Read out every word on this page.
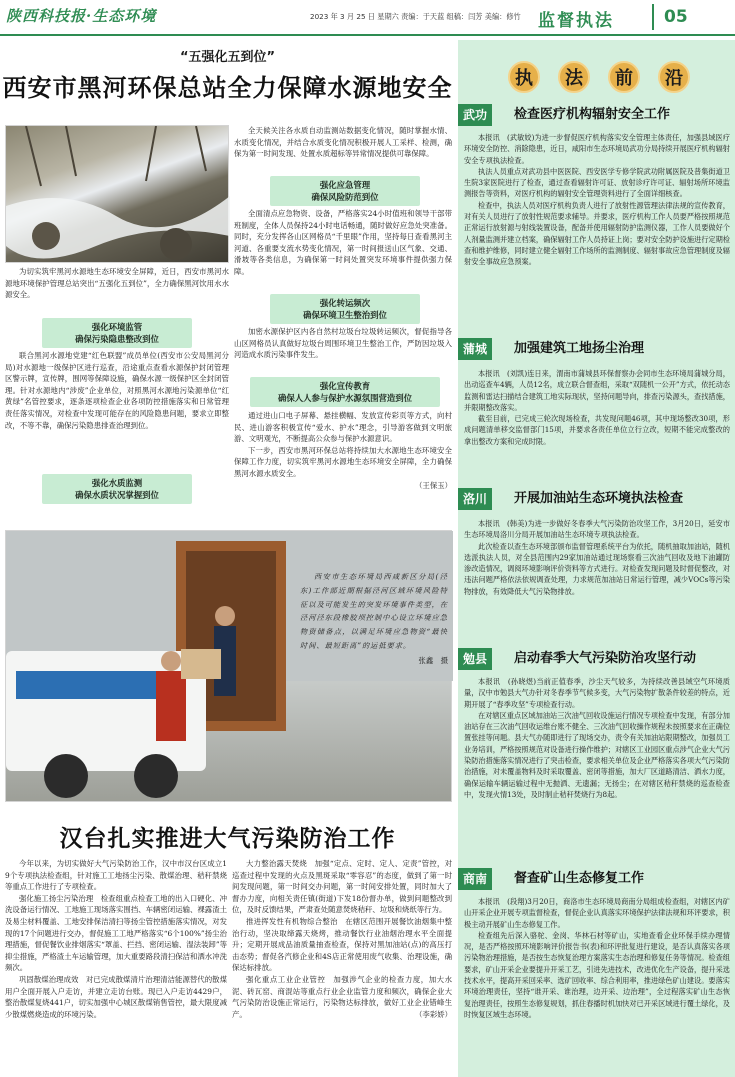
陕西科技报·生态环境	2023 年 3 月 25 日 星期六 责编：于天蓝 组稿：闫芳 美编：修竹 监督执法	05
“五强化五到位”
西安市黑河环保总站全力保障水源地安全

为切实筑牢黑河水源地生态环境安全屏障，近日，西安市黑河水源地环境保护管理总站突出“五强化五到位”，全力确保黑河饮用水水源安全。

强化环境监管
确保污染隐患整改到位

联合黑河水源地党建“红色联盟”成员单位(西安市公安局黑河分局)对水源地一级保护区进行巡查，沿途重点查看水源保护封闭管理区警示牌，宣传牌，围网等保障设施，确保水源一级保护区全封闭管理。针对水源地内“涉废”企业单位，对照黑河水源地污染源单位“红黄绿”名管控要求，逐条逐项检查企业各项防控措施落实和日常管理责任落实情况，对检查中发现可能存在的风险隐患问题，要求立即整改，不等不靠，确保污染隐患排查治理到位。

强化水质监测
确保水质状况掌握到位

全天候关注各水质自动监测站数据变化情况，随时掌握水情、水质变化情况，并结合水质变化情况积极开展人工采样、检测，确保为第一时间发现、处置水质超标等异常情况提供可靠保障。

强化应急管理
确保风险防范到位

全面清点应急物资、设备，严格落实24小时值班和领导干部带班制度，全体人员保持24小时电话畅通，随时做好应急处突准备。同时，充分发挥各山区网格员“千里眼”作用，坚持每日查看黑河主河道、各重要支流水势变化情况，第一时间报送山区气象、交通、滑坡等各类信息，为确保第一时间处置突发环境事件提供强力保障。

强化转运频次
确保环境卫生整治到位

加密水源保护区内各自然村垃圾台垃圾转运频次，督促指导各山区网格员认真做好垃圾台周围环境卫生整治工作，严防因垃圾入河造成水质污染事件发生。

强化宣传教育
确保人人参与保护水源氛围营造到位

通过进山口电子屏幕、悬挂横幅、发放宣传彩页等方式，向村民、进山游客积极宣传“爱水、护水”理念，引导游客做到文明旅游、文明观光，不断提高公众参与保护水源意识。

下一步，西安市黑河环保总站将持续加大水源地生态环境安全保障工作力度，切实筑牢黑河水源地生态环境安全屏障，全力确保黑河水源水质安全。

（王保玉）

西安市生态环境局西咸新区分局(泾东)工作部近期根据泾河区域环境风险特征以及可能发生的突发环境事件类型，在泾河泾东段橡胶坝控制中心设立环境应急物资储备点，以满足环境应急物资“最快时间、最短距离”的运抵要求。

张鑫　摄
汉台扎实推进大气污染防治工作

今年以来，为切实做好大气污染防治工作，汉中市汉台区成立19个专项执法检查组，针对施工工地扬尘污染、散煤治理、秸秆禁烧等重点工作进行了专项检查。

强化施工扬尘污染治理　检查组重点检查工地的出入口硬化、冲洗设备运行情况、工地施工现场落实围挡、车辆密闭运输、裸露渣土及易尘材料覆盖、工地安排保洁清扫等扬尘管控措施落实情况，对发现的17个问题进行交办，督促施工工地严格落实“6个100%”扬尘治理措施，督促餐饮业排烟落实“罩盖、拦挡、密闭运输、湿法装卸”等抑尘措施，严格渣土车运输管理，加大重要路段清扫保洁和洒水冲洗频次。

巩固散煤治理成效　对已完成散煤清片治理清洁能源替代的散煤用户全面开展入户走访，并建立走访台账。现已入户走访4429户，整治散煤复烧441户，切实加强中心城区散煤销售管控，最大限度减少散煤燃烧造成的环境污染。

大力整治露天焚烧　加强“定点、定时、定人、定责”管控，对巡查过程中发现的火点及黑斑采取“零容忍”的态度，做到了第一时间发现问题，第一时间交办问题，第一时间安排处置，同时加大了督办力度，向相关责任镇(街道)下发18份督办单，做到问题整改到位，及时反馈结果，严肃查处随意焚烧秸秆、垃圾和烧纸等行为。

推进挥发性有机物综合整治　在辖区范围开展餐饮油烟集中整治行动，坚决取缔露天烧烤，推动餐饮行业油烟治理水平全面提升；定期开展成品油质量抽查检查，保持对黑加油站(点)的高压打击态势；督促各汽修企业和4S店正常使用废气收集、治理设施，确保达标排放。

强化重点工业企业管控　加强涉气企业的检查力度，加大水泥、砖瓦窑、商混站等重点行业企业监管力度和频次，确保企业大气污染防治设施正常运行，污染物达标排放，做好工业企业错峰生产。	（李彩娇）
执	法	前	沿
武功	检查医疗机构辐射安全工作

本报讯　(武敏姣)为进一步督促医疗机构落实安全管理主体责任，加强县域医疗环境安全防控、消除隐患，近日，咸阳市生态环境局武功分局持续开展医疗机构辐射安全专项执法检查。

执法人员重点对武功县中医医院、西安医学专修学院武功附属医院及普集街道卫生院3家医院进行了检查，通过查看辐射许可证、放射诊疗许可证、辐射场所环境监测报告等资料，对医疗机构的辐射安全管理资料进行了全面详细核查。

检查中，执法人员对医疗机构负责人进行了放射性源管理法律法规的宣传教育，对有关人员进行了放射性规范要求辅导。并要求，医疗机构工作人员要严格按照规范正常运行放射源与射线装置设备，配备并使用辐射防护监测仪器，工作人员要做好个人剂量监测并建立档案，确保辐射工作人员持证上岗；要对安全防护设施进行定期检查和维护维修，同时建立健全辐射工作场所的监测制度、辐射事故应急管理制度及辐射安全事故应急预案。

蒲城	加强建筑工地扬尘治理

本报讯　(刘凯)连日来，渭南市蒲城县环保督察办会同市生态环境局蒲城分局，出动巡查车4辆，人员12名，成立联合督查组，采取“双随机一公开”方式，依托动态监测和雷达扫描结合建筑工地实际现状，坚持问题导向，排查污染源头，查找措施，并限期整改落实。

截至目前，已完成三轮次现场检查，共发现问题46项，其中现场整改30项，形成问题清单移交监督部门15项，并要求各责任单位立行立改，短期不能完成整改的拿出整改方案和完成时限。

洛川	开展加油站生态环境执法检查

本报讯　(韩美)为进一步做好冬春季大气污染防治攻坚工作，3月20日，延安市生态环境局洛川分局开展加油站生态环境专项执法检查。

此次检查以查生态环境部颁布监督管理系统平台为依托，随机抽取加油站，随机选派执法人员，对全县范围内29家加油站通过现场察看三次油气回收及地下油罐防渗改造情况，调阅环境影响评价资料等方式进行。对检查发现问题及时督促整改，对违法问题严格依法依规调查处理，力求规范加油站日常运行管理，减少VOCs等污染物排放，有效降低大气污染物排放。

勉县	启动春季大气污染防治攻坚行动

本报讯　(孙晓煜)当前正值春季，沙尘天气较多，为持续改善县域空气环境质量，汉中市勉县大气办针对冬春季节气候多变，大气污染物扩散条件较差的特点，近期开展了“春季攻坚”专项检查行动。

在对辖区重点区域加油站三次油气回收设施运行情况专项检查中发现，有部分加油站存在三次油气回收运维台账不健全、三次油气回收操作规程未按照要求在正确位置张挂等问题。县大气办随即进行了现场交办，责令有关加油站限期整改，加强员工业务培训，严格按照规范对设备进行操作维护；对辖区工业园区重点涉气企业大气污染防治措施落实情况进行了突击检查，要求相关单位及企业严格落实各项大气污染防治措施，对未覆盖物料及时采取覆盖、密闭等措施，加大厂区道路清洁、洒水力度，确保运输车辆运输过程中无抛洒、无遗漏；无扬尘；在对辖区秸秆禁烧的巡查检查中，发现火情13处，及时制止秸秆焚烧行为8起。

商南	督查矿山生态修复工作

本报讯　(段翔)3月20日，商洛市生态环境局商南分局组成检查组，对辖区内矿山开采企业开展专项监督检查，督促企业认真落实环境保护法律法规和环评要求，积极主动开展矿山生态修复工作。

检查组先后深入骆驼、金岗、华林石材等矿山，实地查看企业环保手续办理情况，是否严格按照环境影响评价报告书(表)和环评批复进行建设，是否认真落实各项污染物治理措施，是否按生态恢复治理方案落实生态治理和修复任务等情况。检查组要求，矿山开采企业要提升开采工艺，引进先进技术，改进优化生产设备，提升采选技术水平，提高开采回采率、选矿回收率、综合利用率，推进绿色矿山建设。要落实环境治理责任，坚持“谁开采、谁治理，边开采、边治理”，全过程落实矿山生态恢复治理责任，按照生态修复规划，抓住春播时机加快对已开采区域进行覆土绿化，及时恢复区域生态环境。
